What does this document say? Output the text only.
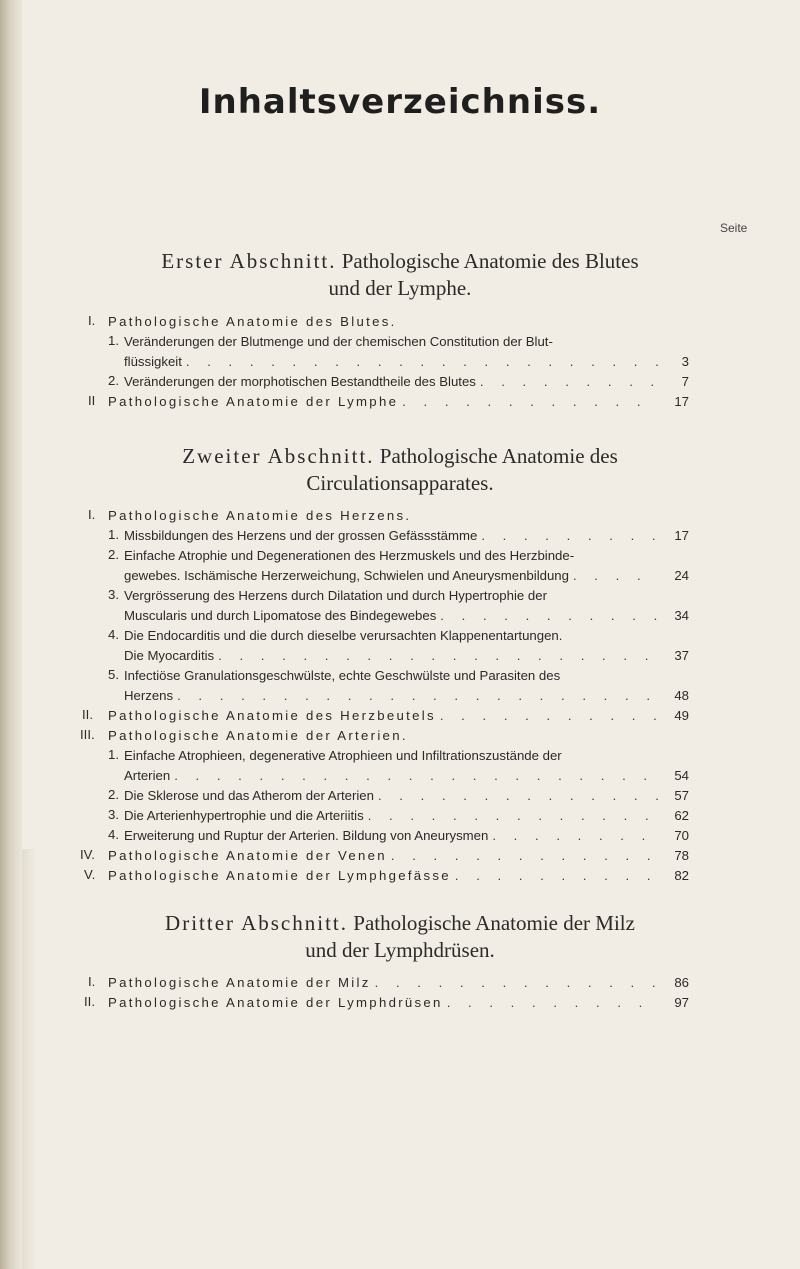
Inhaltsverzeichniss.
Seite
Erster Abschnitt. Pathologische Anatomie des Blutes
und der Lymphe.
I. Pathologische Anatomie des Blutes.
1. Veränderungen der Blutmenge und der chemischen Constitution der Blut-
flüssigkeit . . .	3
2. Veränderungen der morphotischen Bestandtheile des Blutes . . .	7
II Pathologische Anatomie der Lymphe . . .	17
Zweiter Abschnitt. Pathologische Anatomie des
Circulationsapparates.
I. Pathologische Anatomie des Herzens.
1. Missbildungen des Herzens und der grossen Gefässstämme . . .	17
2. Einfache Atrophie und Degenerationen des Herzmuskels und des Herzbinde-
gewebes. Ischämische Herzerweichung, Schwielen und Aneurysmenbildung . . .	24
3. Vergrösserung des Herzens durch Dilatation und durch Hypertrophie der
Muscularis und durch Lipomatose des Bindegewebes . . .	34
4. Die Endocarditis und die durch dieselbe verursachten Klappenentartungen.
Die Myocarditis . . .	37
5. Infectiöse Granulationsgeschwülste, echte Geschwülste und Parasiten des
Herzens . . .	48
II. Pathologische Anatomie des Herzbeutels . . .	49
III. Pathologische Anatomie der Arterien.
1. Einfache Atrophieen, degenerative Atrophieen und Infiltrationszustände der
Arterien . . .	54
2. Die Sklerose und das Atherom der Arterien . . .	57
3. Die Arterienhypertrophie und die Arteriitis . . .	62
4. Erweiterung und Ruptur der Arterien. Bildung von Aneurysmen . . .	70
IV. Pathologische Anatomie der Venen . . .	78
V. Pathologische Anatomie der Lymphgefässe . . .	82
Dritter Abschnitt. Pathologische Anatomie der Milz
und der Lymphdrüsen.
I. Pathologische Anatomie der Milz . . .	86
II. Pathologische Anatomie der Lymphdrüsen . . .	97
